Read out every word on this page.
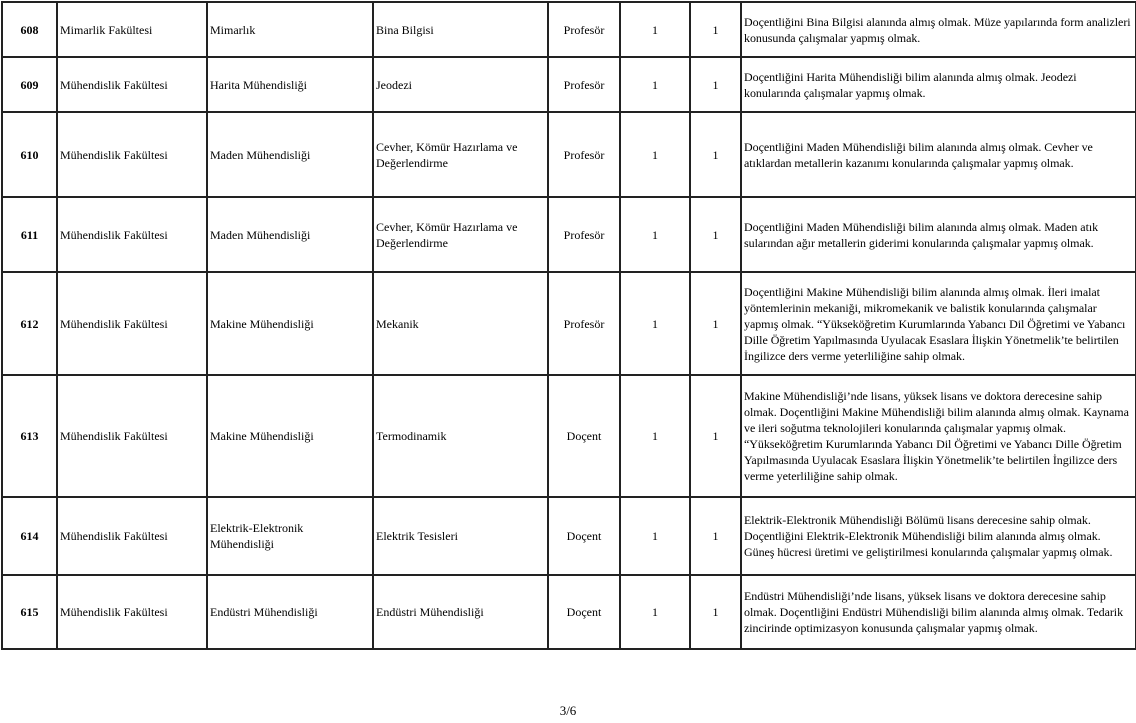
608	Mimarlik Fakültesi	Mimarlık	Bina Bilgisi	Profesör	1	1	Doçentliğini Bina Bilgisi alanında almış olmak. Müze yapılarında form analizleri konusunda çalışmalar yapmış olmak.
609	Mühendislik Fakültesi	Harita Mühendisliği	Jeodezi	Profesör	1	1	Doçentliğini Harita Mühendisliği bilim alanında almış olmak. Jeodezi konularında çalışmalar yapmış olmak.
610	Mühendislik Fakültesi	Maden Mühendisliği	Cevher, Kömür Hazırlama ve Değerlendirme	Profesör	1	1	Doçentliğini Maden Mühendisliği bilim alanında almış olmak. Cevher ve atıklardan metallerin kazanımı konularında çalışmalar yapmış olmak.
611	Mühendislik Fakültesi	Maden Mühendisliği	Cevher, Kömür Hazırlama ve Değerlendirme	Profesör	1	1	Doçentliğini Maden Mühendisliği bilim alanında almış olmak. Maden atık sularından ağır metallerin giderimi konularında çalışmalar yapmış olmak.
612	Mühendislik Fakültesi	Makine Mühendisliği	Mekanik	Profesör	1	1	Doçentliğini Makine Mühendisliği bilim alanında almış olmak. İleri imalat yöntemlerinin mekaniği, mikromekanik ve balistik konularında çalışmalar yapmış olmak. “Yükseköğretim Kurumlarında Yabancı Dil Öğretimi ve Yabancı Dille Öğretim Yapılmasında Uyulacak Esaslara İlişkin Yönetmelik’te belirtilen İngilizce ders verme yeterliliğine sahip olmak.
613	Mühendislik Fakültesi	Makine Mühendisliği	Termodinamik	Doçent	1	1	Makine Mühendisliği’nde lisans, yüksek lisans ve doktora derecesine sahip olmak. Doçentliğini Makine Mühendisliği bilim alanında almış olmak. Kaynama ve ileri soğutma teknolojileri konularında çalışmalar yapmış olmak. “Yükseköğretim Kurumlarında Yabancı Dil Öğretimi ve Yabancı Dille Öğretim Yapılmasında Uyulacak Esaslara İlişkin Yönetmelik’te belirtilen İngilizce ders verme yeterliliğine sahip olmak.
614	Mühendislik Fakültesi	Elektrik-Elektronik Mühendisliği	Elektrik Tesisleri	Doçent	1	1	Elektrik-Elektronik Mühendisliği Bölümü lisans derecesine sahip olmak. Doçentliğini Elektrik-Elektronik Mühendisliği bilim alanında almış olmak. Güneş hücresi üretimi ve geliştirilmesi konularında çalışmalar yapmış olmak.
615	Mühendislik Fakültesi	Endüstri Mühendisliği	Endüstri Mühendisliği	Doçent	1	1	Endüstri Mühendisliği’nde lisans, yüksek lisans ve doktora derecesine sahip olmak. Doçentliğini Endüstri Mühendisliği bilim alanında almış olmak. Tedarik zincirinde optimizasyon konusunda çalışmalar yapmış olmak.
3/6
